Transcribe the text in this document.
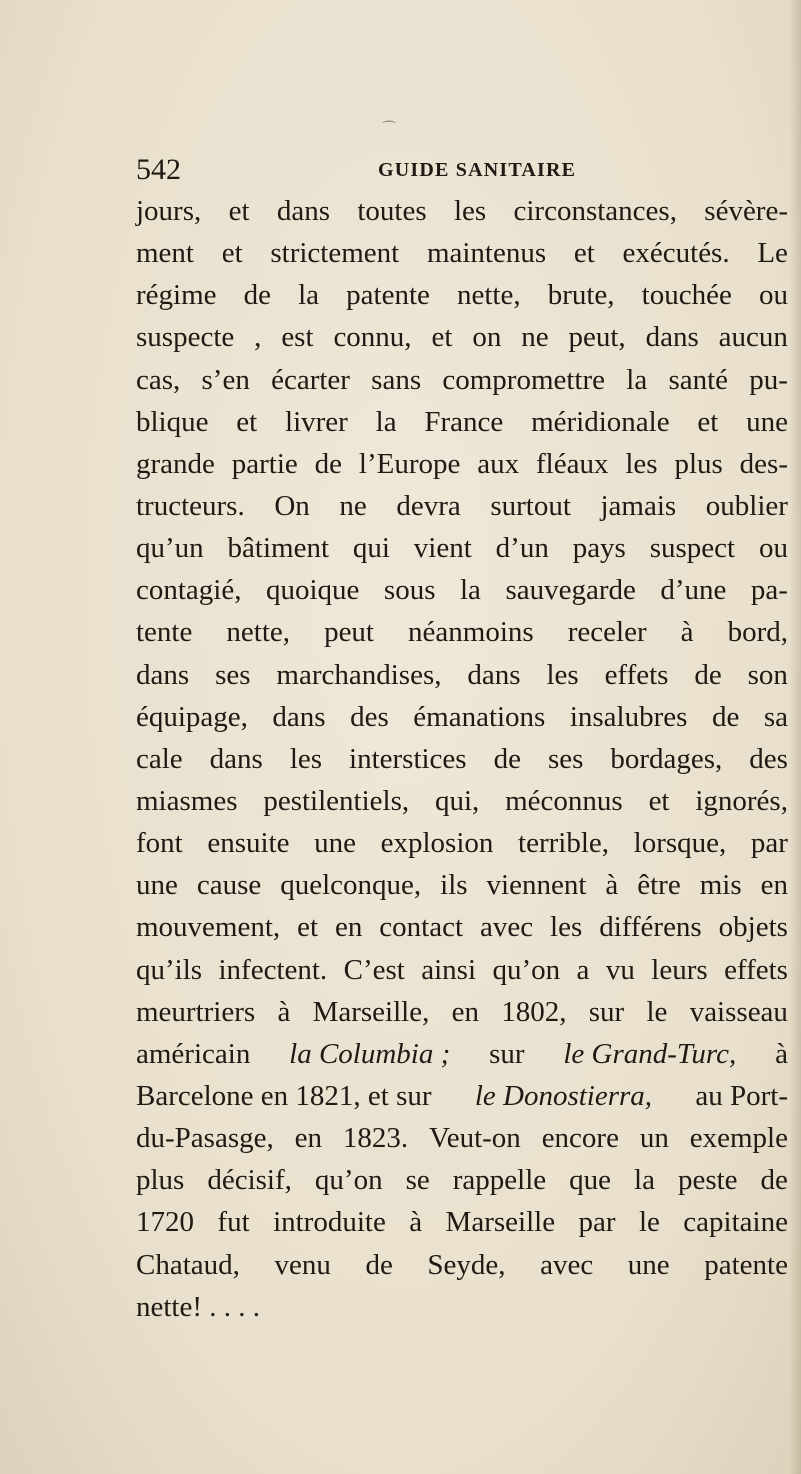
⌒
542	GUIDE SANITAIRE
jours, et dans toutes les circonstances, sévère-
ment et strictement maintenus et exécutés. Le
régime de la patente nette, brute, touchée ou
suspecte , est connu, et on ne peut, dans aucun
cas, s’en écarter sans compromettre la santé pu-
blique et livrer la France méridionale et une
grande partie de l’Europe aux fléaux les plus des-
tructeurs. On ne devra surtout jamais oublier
qu’un bâtiment qui vient d’un pays suspect ou
contagié, quoique sous la sauvegarde d’une pa-
tente nette, peut néanmoins receler à bord,
dans ses marchandises, dans les effets de son
équipage, dans des émanations insalubres de sa
cale dans les interstices de ses bordages, des
miasmes pestilentiels, qui, méconnus et ignorés,
font ensuite une explosion terrible, lorsque, par
une cause quelconque, ils viennent à être mis en
mouvement, et en contact avec les différens objets
qu’ils infectent. C’est ainsi qu’on a vu leurs effets
meurtriers à Marseille, en 1802, sur le vaisseau
américain la Columbia ; sur le Grand-Turc, à
Barcelone en 1821, et sur le Donostierra, au Port-
du-Pasasge, en 1823. Veut-on encore un exemple
plus décisif, qu’on se rappelle que la peste de
1720 fut introduite à Marseille par le capitaine
Chataud, venu de Seyde, avec une patente
nette! . . . .
